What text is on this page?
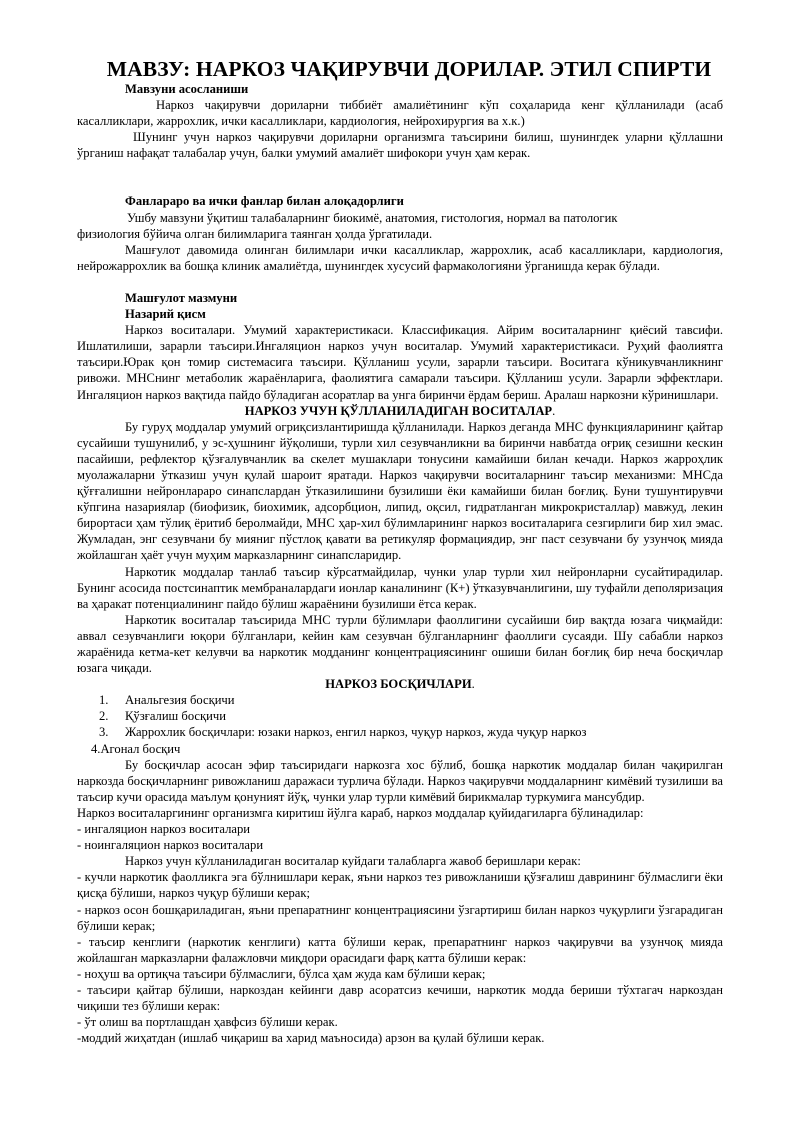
МАВЗУ: НАРКОЗ ЧАҚИРУВЧИ ДОРИЛАР. ЭТИЛ СПИРТИ

Мавзуни асосланиши

Наркоз чақирувчи дориларни тиббиёт амалиётининг кўп соҳаларида кенг қўлланилади (асаб касалликлари, жаррохлик, ички касалликлари, кардиология, нейрохирургия ва х.к.)

Шунинг учун наркоз чақирувчи дориларни организмга таъсирини билиш, шунингдек уларни қўллашни ўрганиш нафақат талабалар учун, балки умумий амалиёт шифокори учун ҳам керак.

Фанлараро ва ички фанлар билан алоқадорлиги

Ушбу мавзуни ўқитиш талабаларнинг биокимё, анатомия, гистология, нормал ва патологик

физиология бўйича олган билимларига таянган ҳолда ўргатилади.

Машғулот давомида олинган билимлари ички касалликлар, жаррохлик, асаб касалликлари, кардиология, нейрожаррохлик ва бошқа клиник амалиётда, шунингдек хусусий фармакологияни ўрганишда керак бўлади.

Машғулот мазмуни

Назарий қисм

Наркоз воситалари. Умумий характеристикаси. Классификация. Айрим воситаларнинг қиёсий тавсифи. Ишлатилиши, зарарли таъсири.Ингаляцион наркоз учун воситалар. Умумий характеристикаси. Руҳий фаолиятга таъсири.Юрак қон томир системасига таъсири. Қўлланиш усули, зарарли таъсири. Воситага кўникувчанликнинг ривожи. МНСнинг метаболик жараёнларига, фаолиятига самарали таъсири. Қўлланиш усули. Зарарли эффектлари. Ингаляцион наркоз вақтида пайдо бўладиган асоратлар ва унга биринчи ёрдам бериш. Аралаш наркозни кўринишлари.

НАРКОЗ УЧУН ҚЎЛЛАНИЛАДИГАН ВОСИТАЛАР.

Бу гуруҳ моддалар умумий огриқсизлантиришда қўлланилади. Наркоз деганда МНС функцияларининг қайтар сусайиши тушунилиб, у эс-ҳушнинг йўқолиши, турли хил сезувчанликни ва биринчи навбатда оғриқ сезишни кескин пасайиши, рефлектор қўзғалувчанлик ва скелет мушаклари тонусини камайиши билан кечади. Наркоз жарроҳлик муолажаларни ўтказиш учун қулай шароит яратади. Наркоз чақирувчи воситаларнинг таъсир механизми: МНСда қўғғалишни нейронлараро синапслардан ўтказилишини бузилиши ёки камайиши билан боғлиқ. Буни тушунтирувчи кўпгина назариялар (биофизик, биохимик, адсорбцион, липид, оқсил, гидратланган микрокристаллар) мавжуд, лекин бирортаси ҳам тўлиқ ёритиб беролмайди, МНС ҳар-хил бўлимларининг наркоз воситаларига сезгирлиги бир хил эмас. Жумладан, энг сезувчани бу мияниг пўстлоқ қавати ва ретикуляр формациядир, энг паст сезувчани бу узунчоқ мияда жойлашган ҳаёт учун муҳим марказларнинг синапсларидир.

Наркотик моддалар танлаб таъсир кўрсатмайдилар, чунки улар турли хил нейронларни сусайтирадилар. Бунинг асосида постсинаптик мембраналардаги ионлар каналининг (К+) ўтказувчанлигини, шу туфайли деполяризация ва ҳаракат потенциалининг пайдо бўлиш жараёнини бузилиши ётса керак.

Наркотик воситалар таъсирида МНС турли бўлимлари фаоллигини сусайиши бир вақтда юзага чиқмайди: аввал сезувчанлиги юқори бўлганлари, кейин кам сезувчан бўлганларнинг фаоллиги сусаяди. Шу сабабли наркоз жараёнида кетма-кет келувчи ва наркотик модданинг концентрациясининг ошиши билан боғлиқ бир неча босқичлар юзага чиқади.

НАРКОЗ БОСҚИЧЛАРИ.

1.	Анальгезия босқичи
2.	Қўзғалиш босқичи
3.	Жаррохлик босқичлари: юзаки наркоз, енгил наркоз, чуқур наркоз, жуда чуқур наркоз

4.Агонал босқич

Бу босқичлар асосан эфир таъсиридаги наркозга хос бўлиб, бошқа наркотик моддалар билан чақирилган наркозда босқичларнинг ривожланиш даражаси турлича бўлади. Наркоз чақирувчи моддаларнинг кимёвий тузилиши ва таъсир кучи орасида маълум қонуният йўқ, чунки улар турли кимёвий бирикмалар туркумига мансубдир.

Наркоз воситаларгининг организмга киритиш йўлга караб, наркоз моддалар қуйидагиларга бўлинадилар:

- ингаляцион наркоз воситалари

- ноингаляцион наркоз воситалари

Наркоз учун кўлланиладиган воситалар куйдаги талабларга жавоб беришлари керак:

- кучли наркотик фаолликга эга бўлнишлари керак, яъни наркоз тез ривожланиши қўзғалиш даврининг бўлмаслиги ёки қисқа бўлиши, наркоз чуқур бўлиши керак;

- наркоз осон бошқариладиган, яъни препаратнинг концентрациясини ўзгартириш билан наркоз чуқурлиги ўзгарадиган бўлиши керак;

- таъсир кенглиги (наркотик кенглиги) катта бўлиши керак, препаратнинг наркоз чақирувчи ва узунчоқ мияда жойлашган марказларни фалажловчи миқдори орасидаги фарқ катта бўлиши керак:

- ноҳуш ва ортиқча таъсири бўлмаслиги, бўлса ҳам жуда кам бўлиши керак;

- таъсири қайтар бўлиши, наркоздан кейинги давр асоратсиз кечиши, наркотик модда бериши тўхтагач наркоздан чиқиши тез бўлиши керак:

- ўт олиш ва портлашдан ҳавфсиз бўлиши керак.

-моддий жиҳатдан (ишлаб чиқариш ва харид маъносида) арзон ва қулай бўлиши керак.
